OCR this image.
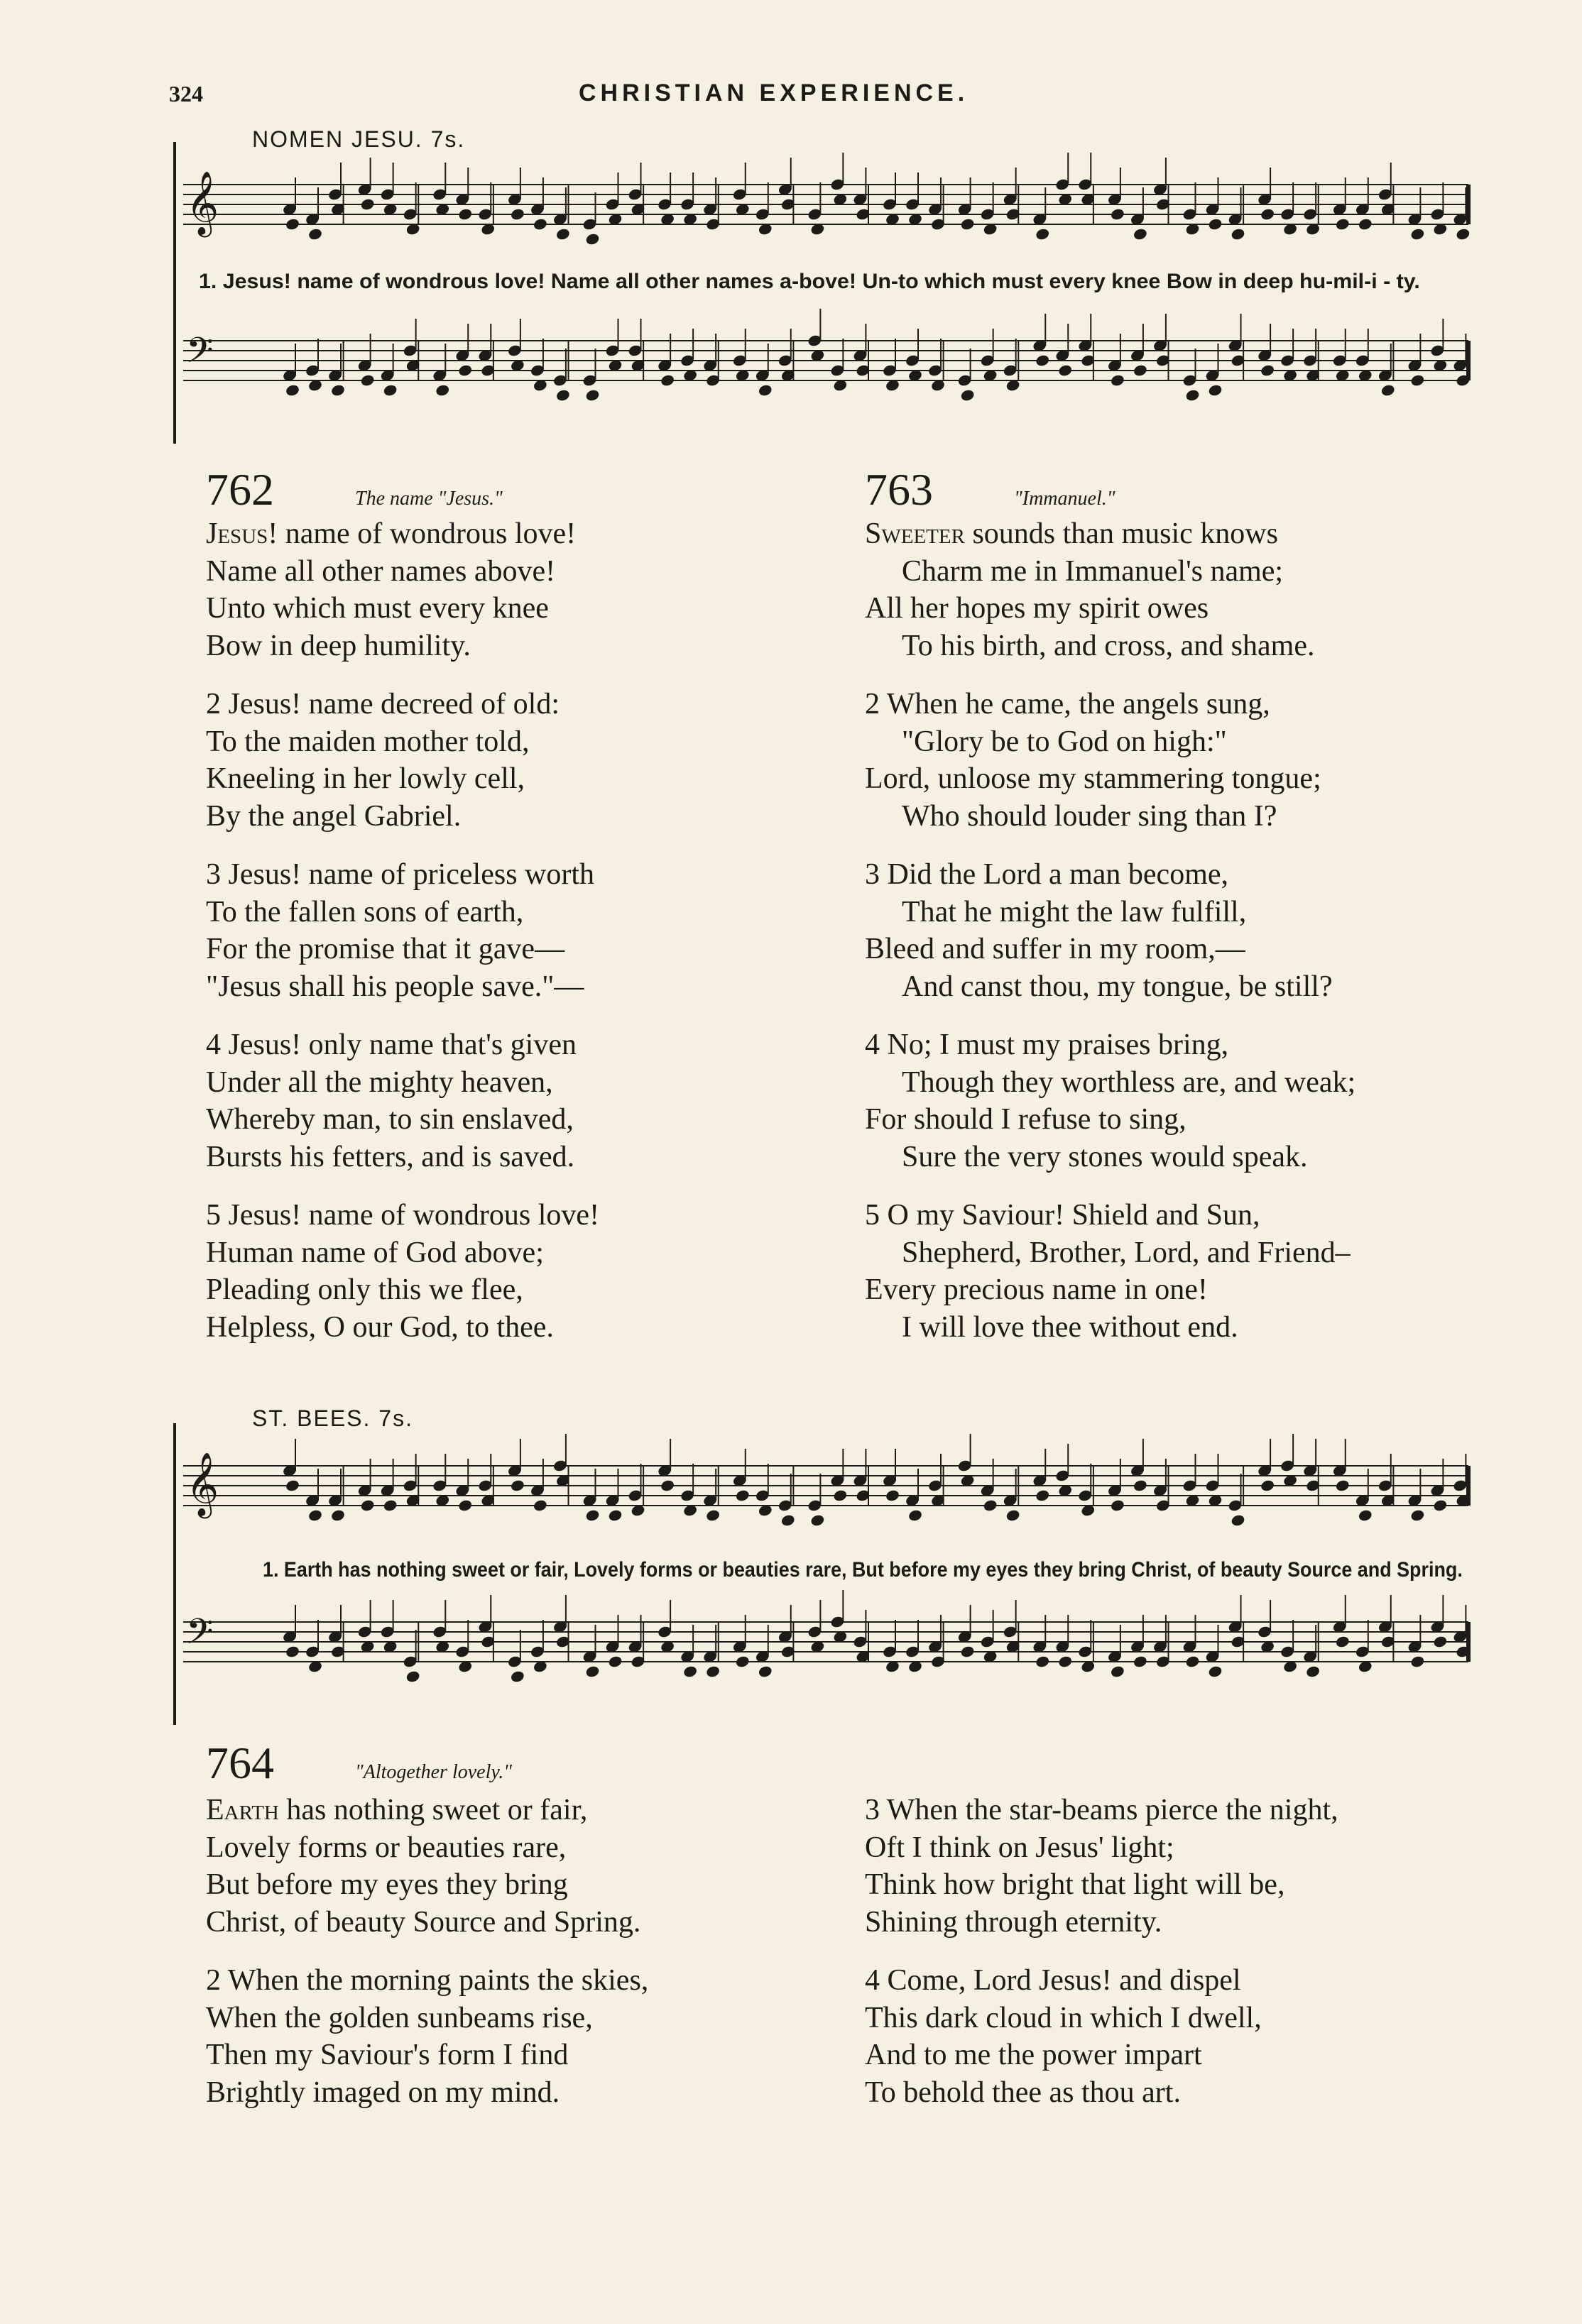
324	CHRISTIAN EXPERIENCE.
NOMEN JESU. 7s.
𝄞
𝄢
1. Jesus! name of wondrous love! Name all other names a-bove! Un-to which must every knee Bow in deep hu-mil-i - ty.
762	The name "Jesus."
Jesus! name of wondrous love!
Name all other names above!
Unto which must every knee
Bow in deep humility.
2 Jesus! name decreed of old:
To the maiden mother told,
Kneeling in her lowly cell,
By the angel Gabriel.
3 Jesus! name of priceless worth
To the fallen sons of earth,
For the promise that it gave—
"Jesus shall his people save."—
4 Jesus! only name that's given
Under all the mighty heaven,
Whereby man, to sin enslaved,
Bursts his fetters, and is saved.
5 Jesus! name of wondrous love!
Human name of God above;
Pleading only this we flee,
Helpless, O our God, to thee.
763	"Immanuel."
Sweeter sounds than music knows
Charm me in Immanuel's name;
All her hopes my spirit owes
To his birth, and cross, and shame.
2 When he came, the angels sung,
"Glory be to God on high:"
Lord, unloose my stammering tongue;
Who should louder sing than I?
3 Did the Lord a man become,
That he might the law fulfill,
Bleed and suffer in my room,—
And canst thou, my tongue, be still?
4 No; I must my praises bring,
Though they worthless are, and weak;
For should I refuse to sing,
Sure the very stones would speak.
5 O my Saviour! Shield and Sun,
Shepherd, Brother, Lord, and Friend–
Every precious name in one!
I will love thee without end.
ST. BEES. 7s.
𝄞
𝄢
1. Earth has nothing sweet or fair, Lovely forms or beauties rare, But before my eyes they bring Christ, of beauty Source and Spring.
764	"Altogether lovely."
Earth has nothing sweet or fair,
Lovely forms or beauties rare,
But before my eyes they bring
Christ, of beauty Source and Spring.
2 When the morning paints the skies,
When the golden sunbeams rise,
Then my Saviour's form I find
Brightly imaged on my mind.
3 When the star-beams pierce the night,
Oft I think on Jesus' light;
Think how bright that light will be,
Shining through eternity.
4 Come, Lord Jesus! and dispel
This dark cloud in which I dwell,
And to me the power impart
To behold thee as thou art.
